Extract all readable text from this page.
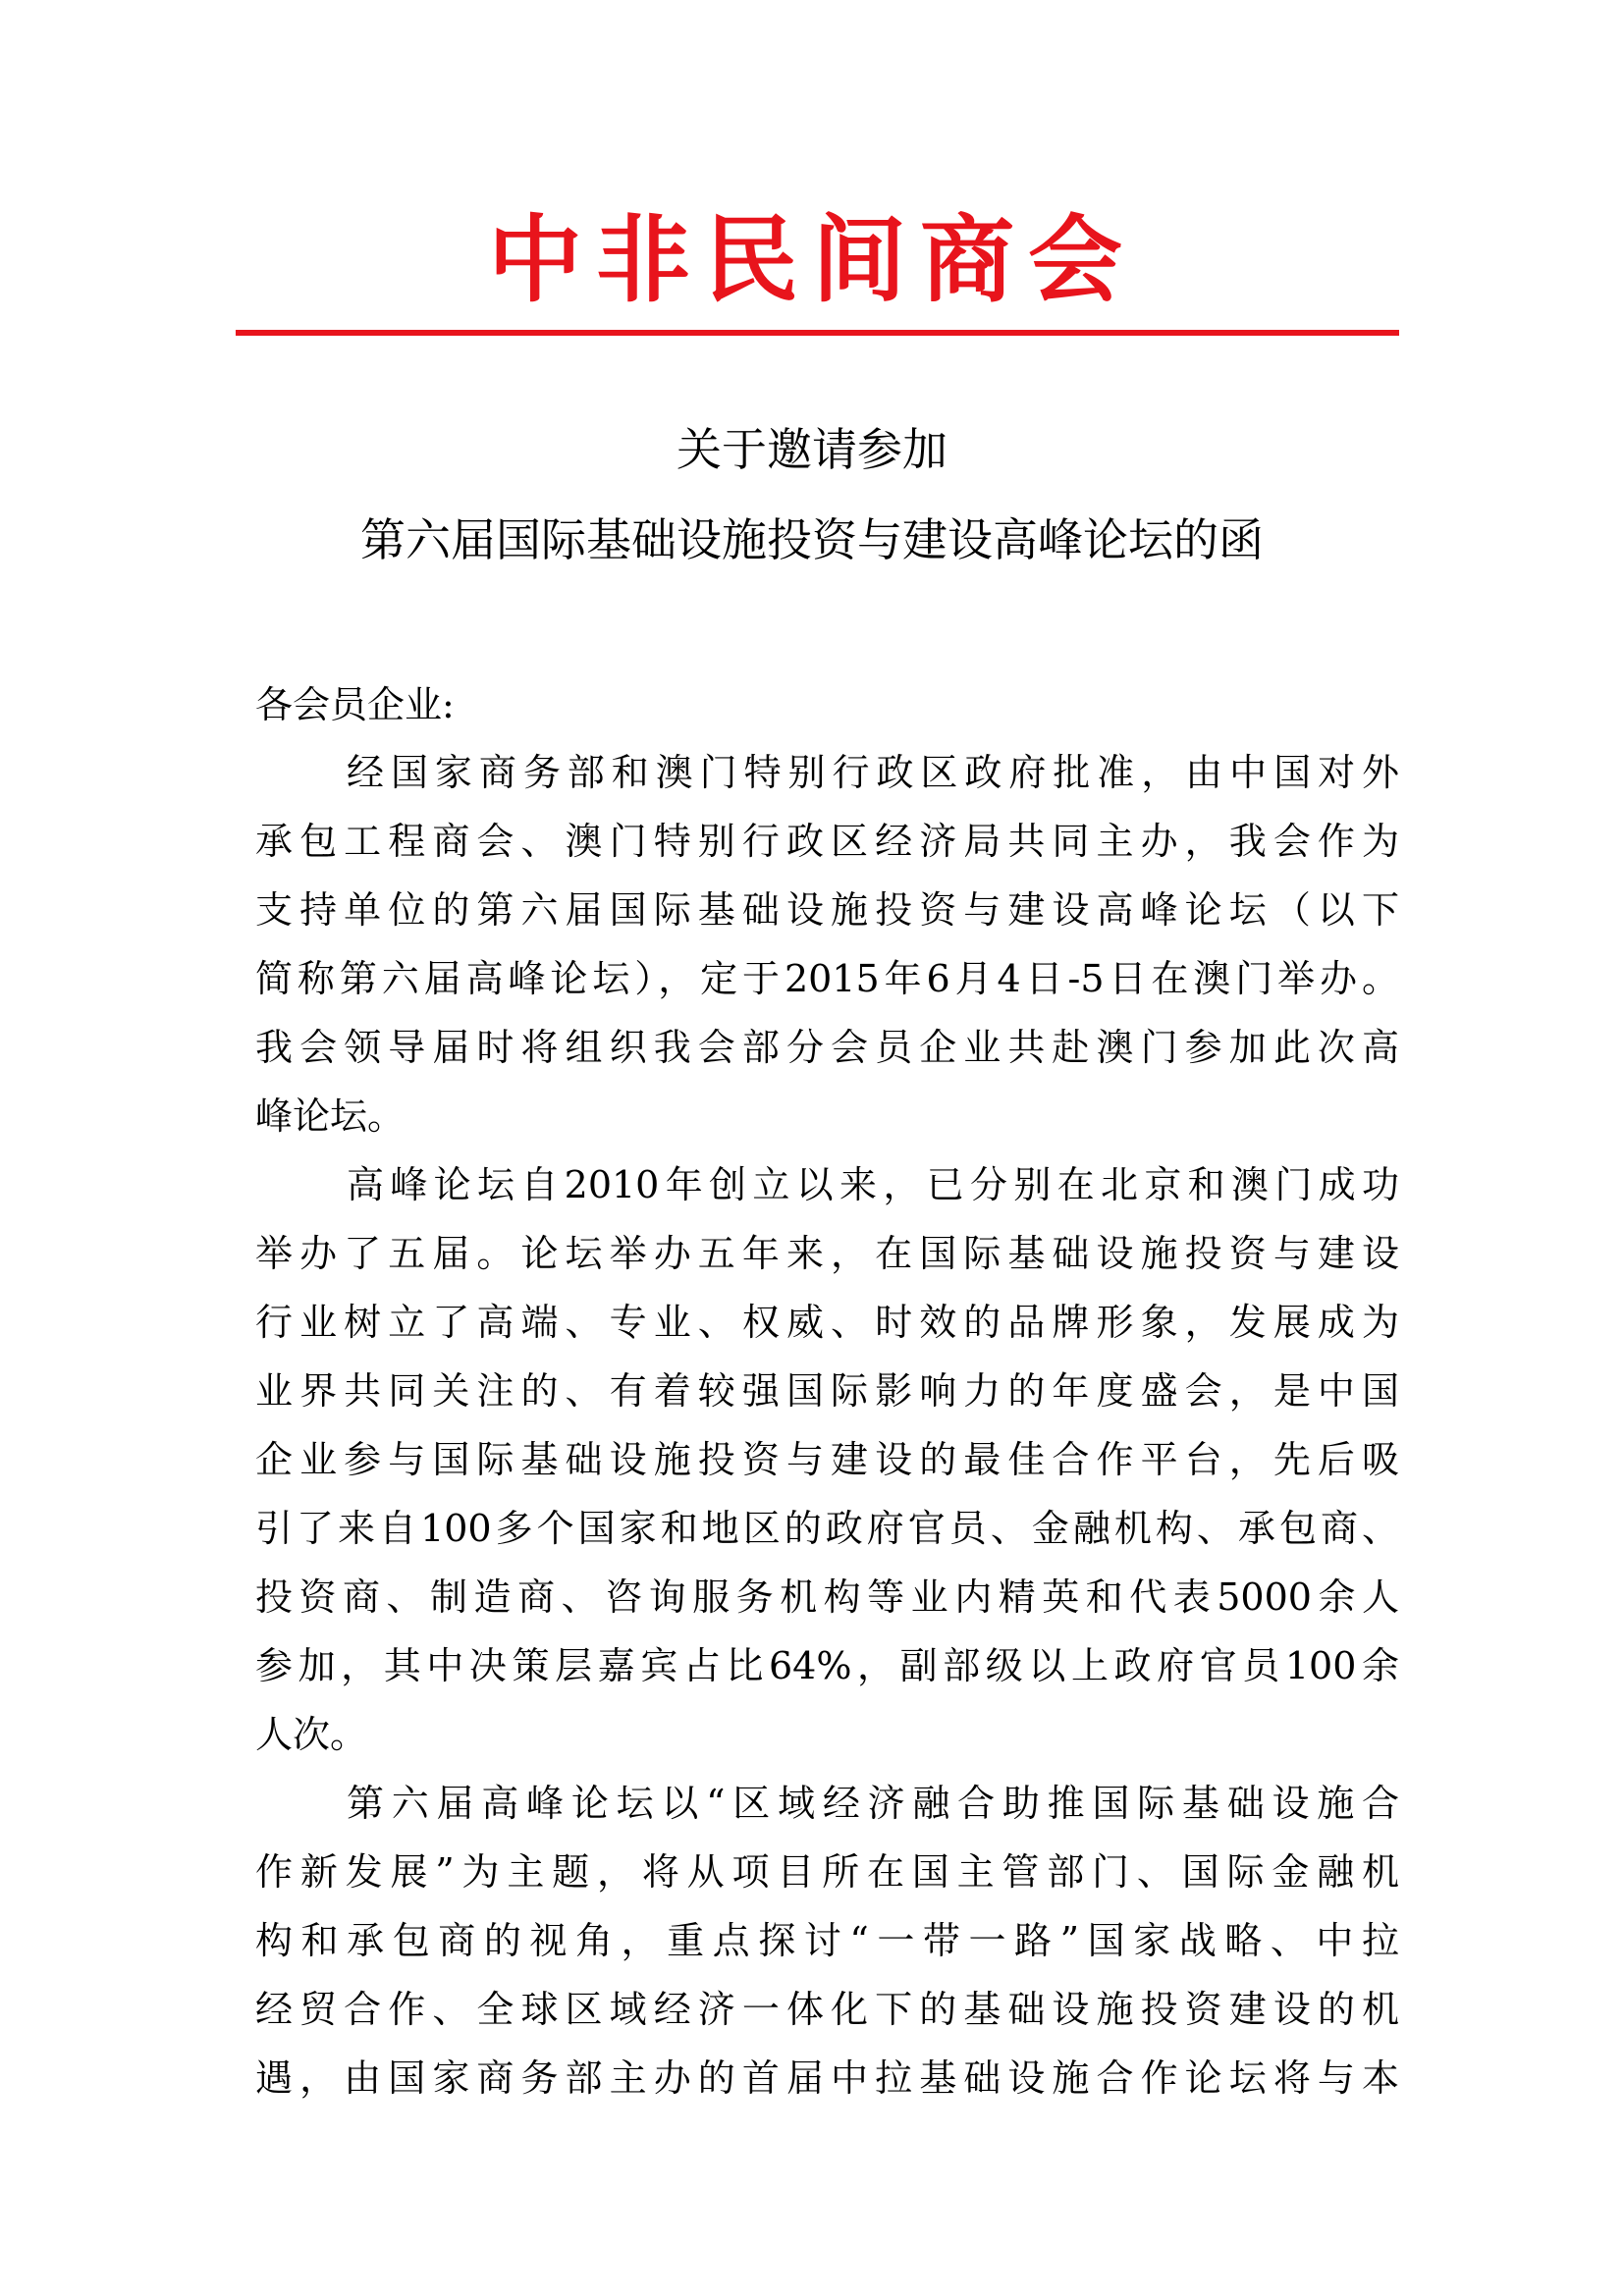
中非民间商会
关于邀请参加
第六届国际基础设施投资与建设高峰论坛的函
各会员企业:
经国家商务部和澳门特别行政区政府批准，由中国对外
承包工程商会、澳门特别行政区经济局共同主办，我会作为
支持单位的第六届国际基础设施投资与建设高峰论坛（以下
简称第六届高峰论坛），定于2015年6月4日-5日在澳门举办。
我会领导届时将组织我会部分会员企业共赴澳门参加此次高
峰论坛。
高峰论坛自2010年创立以来，已分别在北京和澳门成功
举办了五届。论坛举办五年来，在国际基础设施投资与建设
行业树立了高端、专业、权威、时效的品牌形象，发展成为
业界共同关注的、有着较强国际影响力的年度盛会，是中国
企业参与国际基础设施投资与建设的最佳合作平台，先后吸
引了来自100多个国家和地区的政府官员、金融机构、承包商、
投资商、制造商、咨询服务机构等业内精英和代表5000余人
参加，其中决策层嘉宾占比64%，副部级以上政府官员100余
人次。
第六届高峰论坛以“区域经济融合助推国际基础设施合
作新发展”为主题，将从项目所在国主管部门、国际金融机
构和承包商的视角，重点探讨“一带一路”国家战略、中拉
经贸合作、全球区域经济一体化下的基础设施投资建设的机
遇，由国家商务部主办的首届中拉基础设施合作论坛将与本
